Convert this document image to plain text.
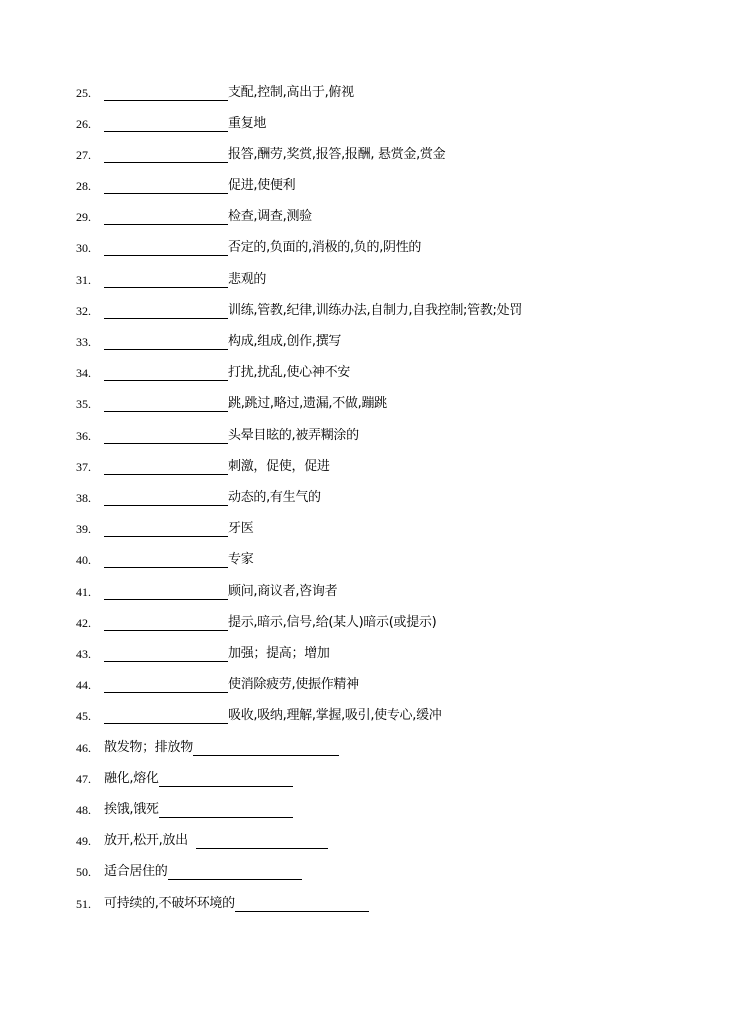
25.	支配,控制,高出于,俯视
26.	重复地
27.	报答,酬劳,奖赏,报答,报酬, 悬赏金,赏金
28.	促进,使便利
29.	检查,调查,测验
30.	否定的,负面的,消极的,负的,阴性的
31.	悲观的
32.	训练,管教,纪律,训练办法,自制力,自我控制;管教;处罚
33.	构成,组成,创作,撰写
34.	打扰,扰乱,使心神不安
35.	跳,跳过,略过,遗漏,不做,蹦跳
36.	头晕目眩的,被弄糊涂的
37.	刺激，促使，促进
38.	动态的,有生气的
39.	牙医
40.	专家
41.	顾问,商议者,咨询者
42.	提示,暗示,信号,给(某人)暗示(或提示)
43.	加强；提高；增加
44.	使消除疲劳,使振作精神
45.	吸收,吸纳,理解,掌握,吸引,使专心,缓冲
46.	散发物；排放物
47.	融化,熔化
48.	挨饿,饿死
49.	放开,松开,放出
50.	适合居住的
51.	可持续的,不破坏环境的
